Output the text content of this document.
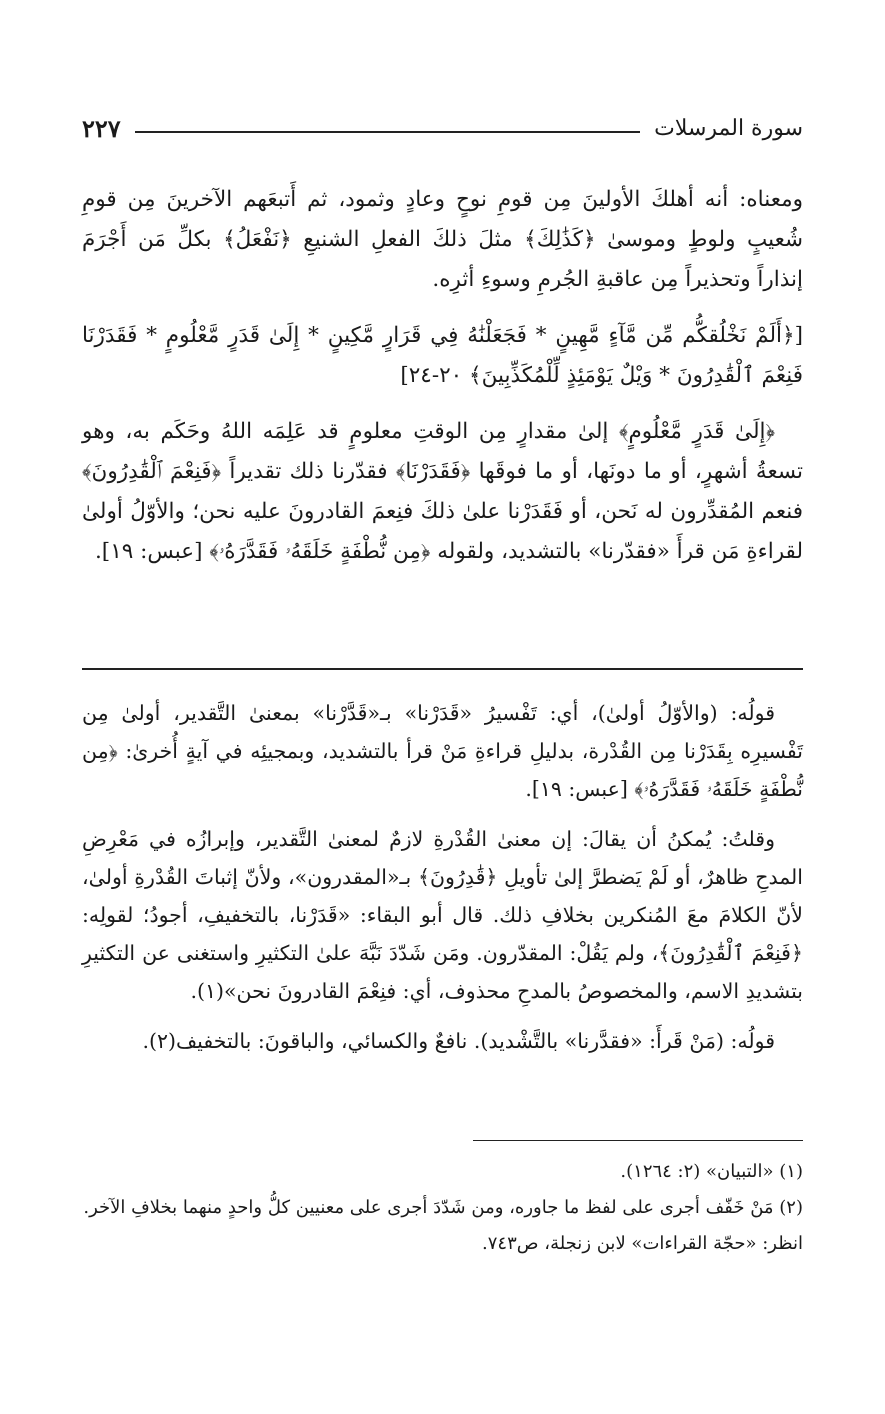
سورة المرسلات
٢٢٧

ومعناه: أنه أهلكَ الأولينَ مِن قومِ نوحٍ وعادٍ وثمود، ثم أَتبعَهم الآخرينَ مِن قومِ شُعيبٍ ولوطٍ وموسىٰ ﴿كَذَٰلِكَ﴾ مثلَ ذلكَ الفعلِ الشنيعِ ﴿نَفْعَلُ﴾ بكلِّ مَن أَجْرَمَ إنذاراً وتحذيراً مِن عاقبةِ الجُرمِ وسوءِ أثرِه.

[﴿أَلَمْ نَخْلُقكُّم مِّن مَّآءٍ مَّهِينٍ * فَجَعَلْنَٰهُ فِي قَرَارٍ مَّكِينٍ * إِلَىٰ قَدَرٍ مَّعْلُومٍ * فَقَدَرْنَا فَنِعْمَ ٱلْقَٰدِرُونَ * وَيْلٌ يَوْمَئِذٍ لِّلْمُكَذِّبِينَ﴾ ٢٠-٢٤]

﴿إِلَىٰ قَدَرٍ مَّعْلُومٍ﴾ إلىٰ مقدارٍ مِن الوقتِ معلومٍ قد عَلِمَه اللهُ وحَكَم به، وهو تسعةُ أشهرٍ، أو ما دونَها، أو ما فوقَها ﴿فَقَدَرْنَا﴾ فقدّرنا ذلك تقديراً ﴿فَنِعْمَ ٱلْقَٰدِرُونَ﴾ فنعم المُقدِّرون له نَحن، أو فَقَدَرْنا علىٰ ذلكَ فنِعمَ القادرونَ عليه نحن؛ والأوّلُ أولىٰ لقراءةِ مَن قرأَ «فقدّرنا» بالتشديد، ولقوله ﴿مِن نُّطْفَةٍ خَلَقَهُۥ فَقَدَّرَهُۥ﴾ [عبس: ١٩].

قولُه: (والأوّلُ أولىٰ)، أي: تَفْسيرُ «قَدَرْنا» بـ«قَدَّرْنا» بمعنىٰ التَّقدير، أولىٰ مِن تَفْسيرِه بِقَدَرْنا مِن القُدْرة، بدليلِ قراءةِ مَنْ قرأ بالتشديد، وبمجيئِه في آيةٍ أُخرىٰ: ﴿مِن نُّطْفَةٍ خَلَقَهُۥ فَقَدَّرَهُۥ﴾ [عبس: ١٩].

وقلتُ: يُمكنُ أن يقالَ: إن معنىٰ القُدْرةِ لازمٌ لمعنىٰ التَّقدير، وإبرازُه في مَعْرِضِ المدحِ ظاهرٌ، أو لَمْ يَضطرَّ إلىٰ تأويلِ ﴿قَٰدِرُونَ﴾ بـ«المقدرون»، ولأنّ إثباتَ القُدْرةِ أولىٰ، لأنّ الكلامَ معَ المُنكرين بخلافِ ذلك. قال أبو البقاء: «قَدَرْنا، بالتخفيفِ، أجودُ؛ لقولِه: ﴿فَنِعْمَ ٱلْقَٰدِرُونَ﴾، ولم يَقُلْ: المقدّرون. ومَن شَدّدَ نَبَّهَ علىٰ التكثيرِ واستغنى عن التكثيرِ بتشديدِ الاسم، والمخصوصُ بالمدحِ محذوف، أي: فنِعْمَ القادرونَ نحن»(١).

قولُه: (مَنْ قَرأَ: «فقدَّرنا» بالتَّشْديد). نافعٌ والكسائي، والباقونَ: بالتخفيف(٢).

(١) «التبيان» (٢: ١٢٦٤).

(٢) مَنْ خَفّف أجرى على لفظ ما جاوره، ومن شَدّدَ أجرى على معنيين كلُّ واحدٍ منهما بخلافِ الآخر.

انظر: «حجّة القراءات» لابن زنجلة، ص٧٤٣.
